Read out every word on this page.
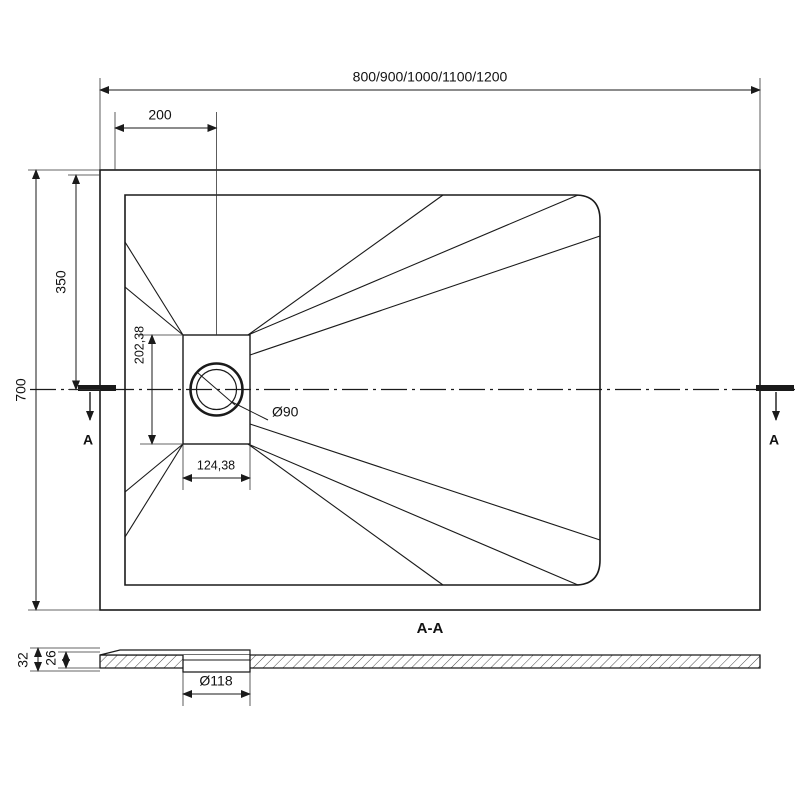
Ø90
A	A
800/900/1000/1100/1200
200
350
700
202,38
124,38
A-A
32 26
Ø118
